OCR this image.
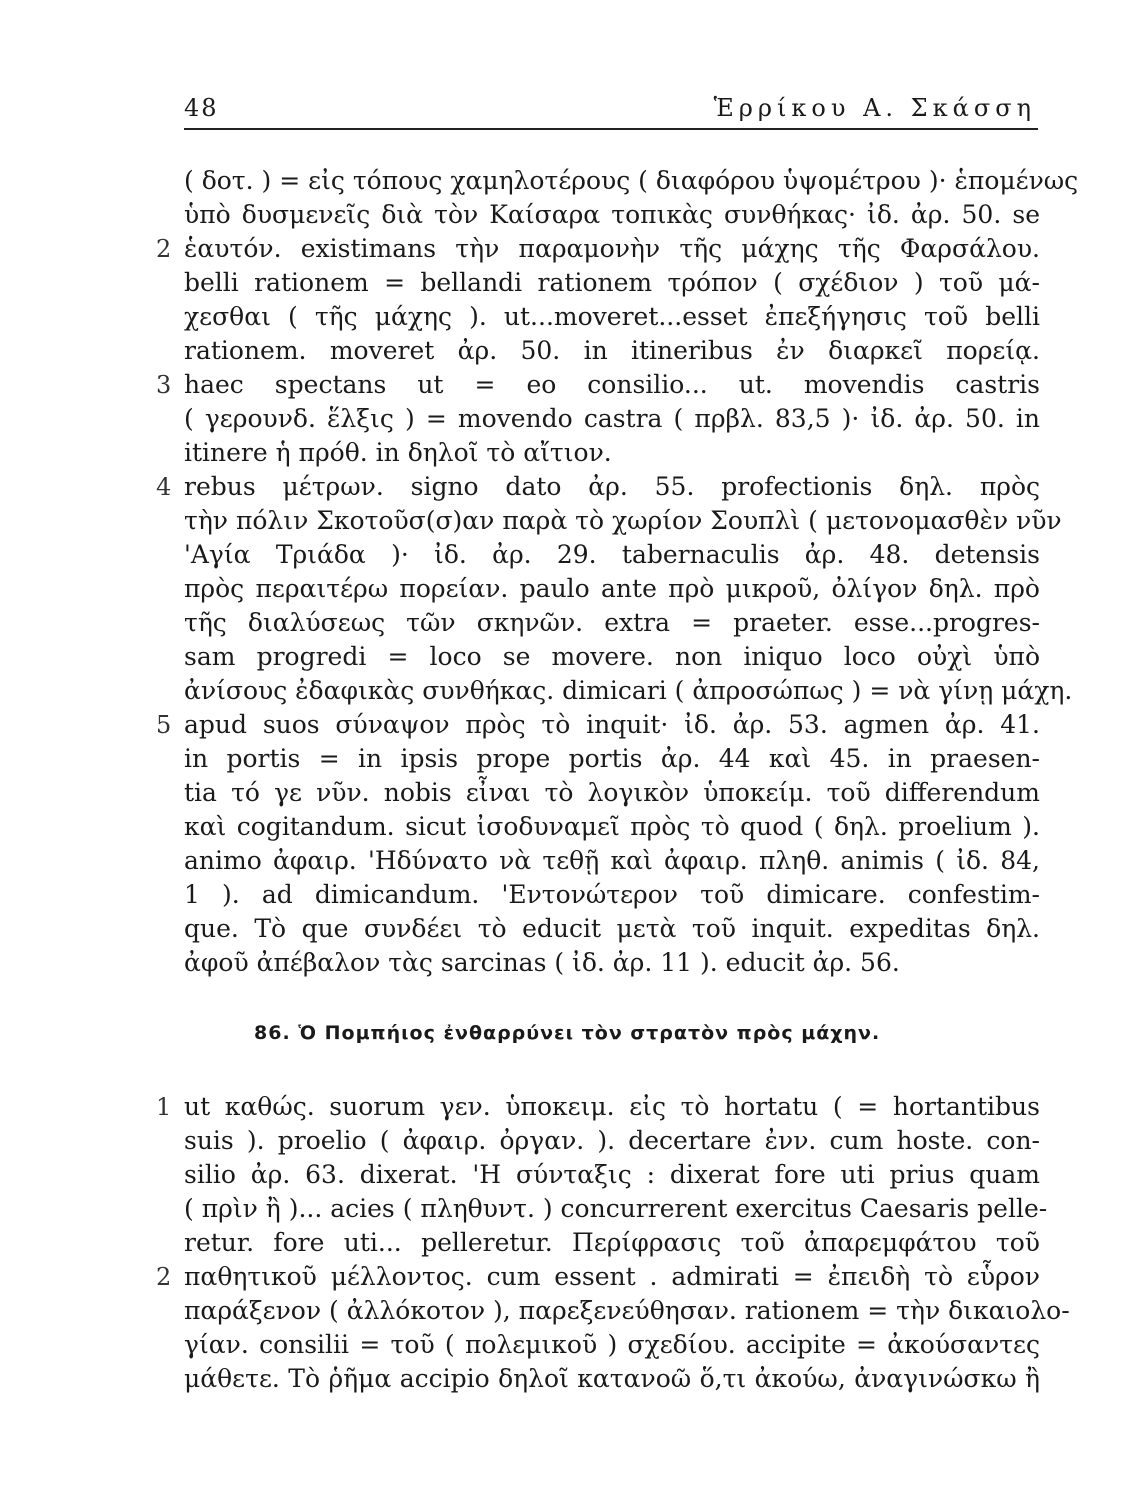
48	Ἑρρίκου Α. Σκάσση
2
3
4
5
1
2
( δοτ. ) = εἰς τόπους χαμηλοτέρους ( διαφόρου ὑψομέτρου )· ἑπομένως
ὑπὸ δυσμενεῖς διὰ τὸν Καίσαρα τοπικὰς συνθήκας· ἰδ. ἀρ. 50. se
ἑαυτόν. existimans τὴν παραμονὴν τῆς μάχης τῆς Φαρσάλου.
belli rationem = bellandi rationem τρόπον ( σχέδιον ) τοῦ μά-
χεσθαι ( τῆς μάχης ). ut...moveret...esset ἐπεξήγησις τοῦ belli
rationem. moveret ἀρ. 50. in itineribus ἐν διαρκεῖ πορείᾳ.
haec spectans ut = eo consilio... ut. movendis castris
( γερουνδ. ἕλξις ) = movendo castra ( πρβλ. 83,5 )· ἰδ. ἀρ. 50. in
itinere ἡ πρόθ. in δηλοῖ τὸ αἴτιον.
rebus μέτρων. signo dato ἀρ. 55. profectionis δηλ. πρὸς
τὴν πόλιν Σκοτοῦσ(σ)αν παρὰ τὸ χωρίον Σουπλὶ ( μετονομασθὲν νῦν
'Αγία Τριάδα )· ἰδ. ἀρ. 29. tabernaculis ἀρ. 48. detensis
πρὸς περαιτέρω πορείαν. paulo ante πρὸ μικροῦ, ὀλίγον δηλ. πρὸ
τῆς διαλύσεως τῶν σκηνῶν. extra = praeter. esse...progres-
sam progredi = loco se movere. non iniquo loco οὐχὶ ὑπὸ
ἀνίσους ἐδαφικὰς συνθήκας. dimicari ( ἀπροσώπως ) = νὰ γίνῃ μάχη.
apud suos σύναψον πρὸς τὸ inquit· ἰδ. ἀρ. 53. agmen ἀρ. 41.
in portis = in ipsis prope portis ἀρ. 44 καὶ 45. in praesen-
tia τό γε νῦν. nobis εἶναι τὸ λογικὸν ὑποκείμ. τοῦ differendum
καὶ cogitandum. sicut ἰσοδυναμεῖ πρὸς τὸ quod ( δηλ. proelium ).
animo ἀφαιρ. 'Ηδύνατο νὰ τεθῇ καὶ ἀφαιρ. πληθ. animis ( ἰδ. 84,
1 ). ad dimicandum. 'Εντονώτερον τοῦ dimicare. confestim-
que. Τὸ que συνδέει τὸ educit μετὰ τοῦ inquit. expeditas δηλ.
ἀφοῦ ἀπέβαλον τὰς sarcinas ( ἰδ. ἀρ. 11 ). educit ἀρ. 56.
86. Ὁ Πομπήιος ἐνθαρρύνει τὸν στρατὸν πρὸς μάχην.
ut καθώς. suorum γεν. ὑποκειμ. εἰς τὸ hortatu ( = hortantibus
suis ). proelio ( ἀφαιρ. ὀργαν. ). decertare ἐνν. cum hoste. con-
silio ἀρ. 63. dixerat. 'Η σύνταξις : dixerat fore uti prius quam
( πρὶν ἢ )... acies ( πληθυντ. ) concurrerent exercitus Caesaris pelle-
retur. fore uti... pelleretur. Περίφρασις τοῦ ἀπαρεμφάτου τοῦ
παθητικοῦ μέλλοντος. cum essent . admirati = ἐπειδὴ τὸ εὗρον
παράξενον ( ἀλλόκοτον ), παρεξενεύθησαν. rationem = τὴν δικαιολο-
γίαν. consilii = τοῦ ( πολεμικοῦ ) σχεδίου. accipite = ἀκούσαντες
μάθετε. Τὸ ῥῆμα accipio δηλοῖ κατανοῶ ὅ,τι ἀκούω, ἀναγινώσκω ἢ
